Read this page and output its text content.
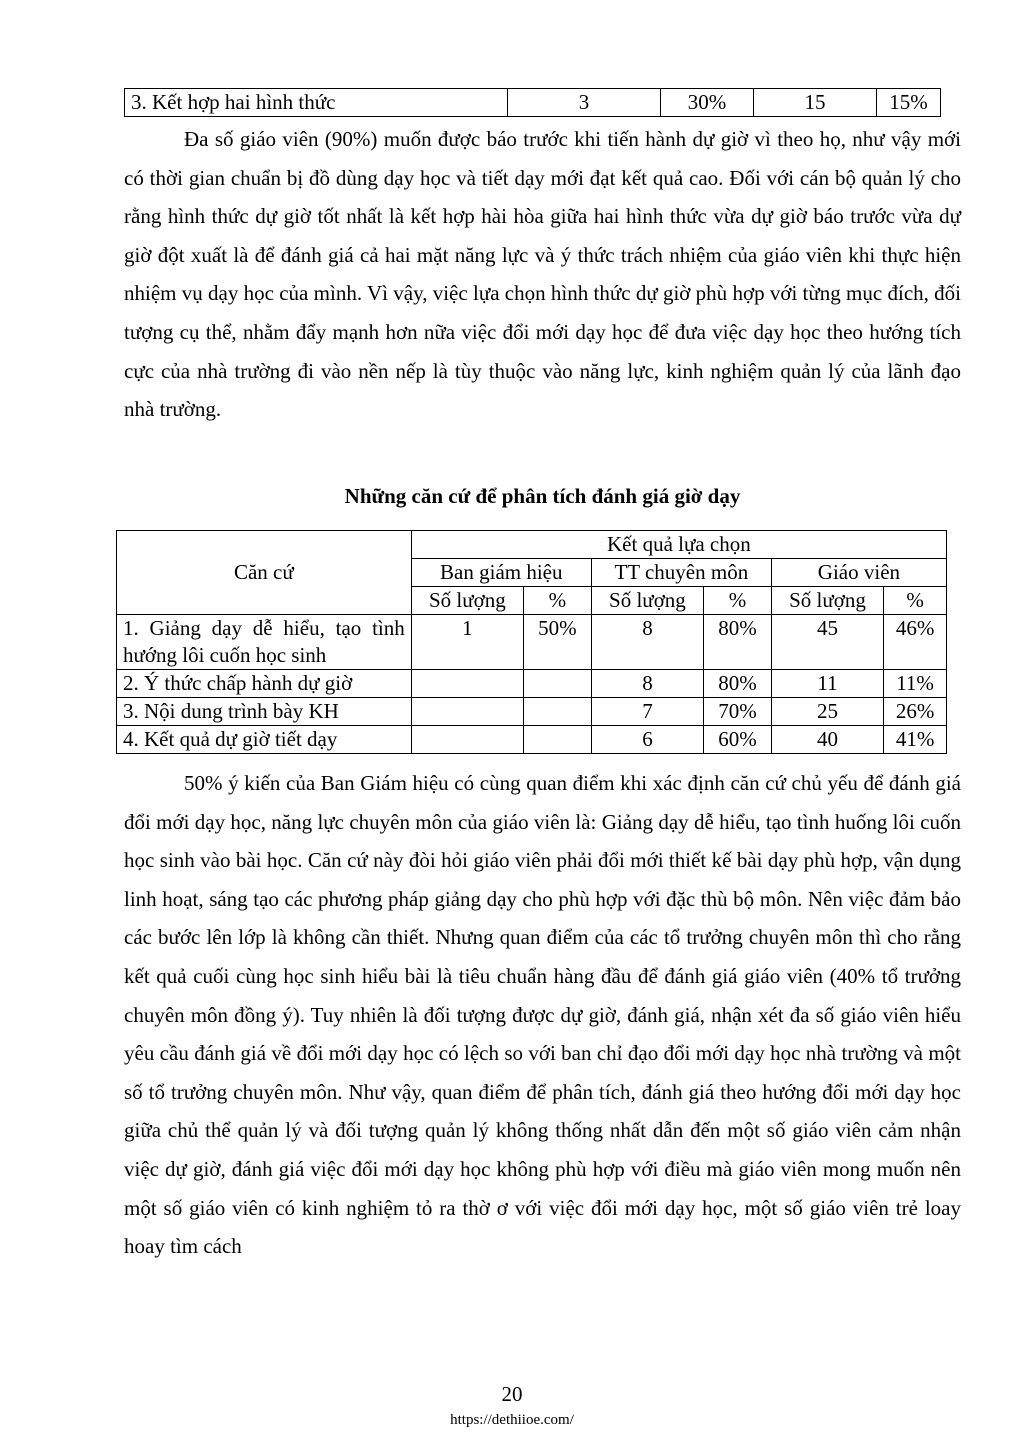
3. Kết hợp hai hình thức	3	30%	15	15%

Đa số giáo viên (90%) muốn được báo trước khi tiến hành dự giờ vì theo họ, như vậy mới có thời gian chuẩn bị đồ dùng dạy học và tiết dạy mới đạt kết quả cao. Đối với cán bộ quản lý cho rằng hình thức dự giờ tốt nhất là kết hợp hài hòa giữa hai hình thức vừa dự giờ báo trước vừa dự giờ đột xuất là để đánh giá cả hai mặt năng lực và ý thức trách nhiệm của giáo viên khi thực hiện nhiệm vụ dạy học của mình. Vì vậy, việc lựa chọn hình thức dự giờ phù hợp với từng mục đích, đối tượng cụ thể, nhằm đẩy mạnh hơn nữa việc đổi mới dạy học để đưa việc dạy học theo hướng tích cực của nhà trường đi vào nền nếp là tùy thuộc vào năng lực, kinh nghiệm quản lý của lãnh đạo nhà trường.

Những căn cứ để phân tích đánh giá giờ dạy
Căn cứ	Kết quả lựa chọn					
	Ban giám hiệu		TT chuyên môn		Giáo viên	
	Số lượng	%	Số lượng	%	Số lượng	%
1. Giảng dạy dễ hiểu, tạo tình hướng lôi cuốn học sinh	1	50%	8	80%	45	46%
2. Ý thức chấp hành dự giờ			8	80%	11	11%
3. Nội dung trình bày KH			7	70%	25	26%
4. Kết quả dự giờ tiết dạy			6	60%	40	41%

50% ý kiến của Ban Giám hiệu có cùng quan điểm khi xác định căn cứ chủ yếu để đánh giá đổi mới dạy học, năng lực chuyên môn của giáo viên là: Giảng dạy dễ hiểu, tạo tình huống lôi cuốn học sinh vào bài học. Căn cứ này đòi hỏi giáo viên phải đổi mới thiết kế bài dạy phù hợp, vận dụng linh hoạt, sáng tạo các phương pháp giảng dạy cho phù hợp với đặc thù bộ môn. Nên việc đảm bảo các bước lên lớp là không cần thiết. Nhưng quan điểm của các tổ trưởng chuyên môn thì cho rằng kết quả cuối cùng học sinh hiểu bài là tiêu chuẩn hàng đầu để đánh giá giáo viên (40% tổ trưởng chuyên môn đồng ý). Tuy nhiên là đối tượng được dự giờ, đánh giá, nhận xét đa số giáo viên hiểu yêu cầu đánh giá về đổi mới dạy học có lệch so với ban chỉ đạo đổi mới dạy học nhà trường và một số tổ trưởng chuyên môn. Như vậy, quan điểm để phân tích, đánh giá theo hướng đổi mới dạy học giữa chủ thể quản lý và đối tượng quản lý không thống nhất dẫn đến một số giáo viên cảm nhận việc dự giờ, đánh giá việc đổi mới dạy học không phù hợp với điều mà giáo viên mong muốn nên một số giáo viên có kinh nghiệm tỏ ra thờ ơ với việc đổi mới dạy học, một số giáo viên trẻ loay hoay tìm cách

20
https://dethiioe.com/
